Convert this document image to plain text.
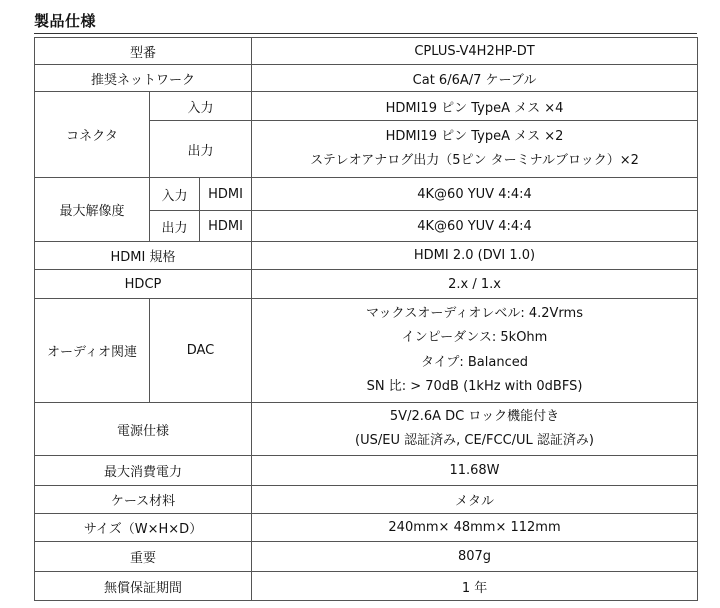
製品仕様
型番			CPLUS-V4H2HP-DT
推奨ネットワーク			Cat 6/6A/7 ケーブル
コネクタ	入力		HDMI19 ピン TypeA メス ×4
	出力		HDMI19 ピン TypeA メス ×2
ステレオアナログ出力（5ピン ターミナルブロック）×2

最大解像度	入力	HDMI	4K@60 YUV 4:4:4
	出力	HDMI	4K@60 YUV 4:4:4
HDMI 規格			HDMI 2.0 (DVI 1.0)
HDCP			2.x / 1.x
オーディオ関連	DAC		マックスオーディオレベル: 4.2Vrms
インピーダンス: 5kOhm
タイプ: Balanced
SN 比: > 70dB (1kHz with 0dBFS)

電源仕様			5V/2.6A DC ロック機能付き
(US/EU 認証済み, CE/FCC/UL 認証済み)

最大消費電力			11.68W
ケース材料			メタル
サイズ（W×H×D）			240mm× 48mm× 112mm
重要			807g
無償保証期間			1 年
